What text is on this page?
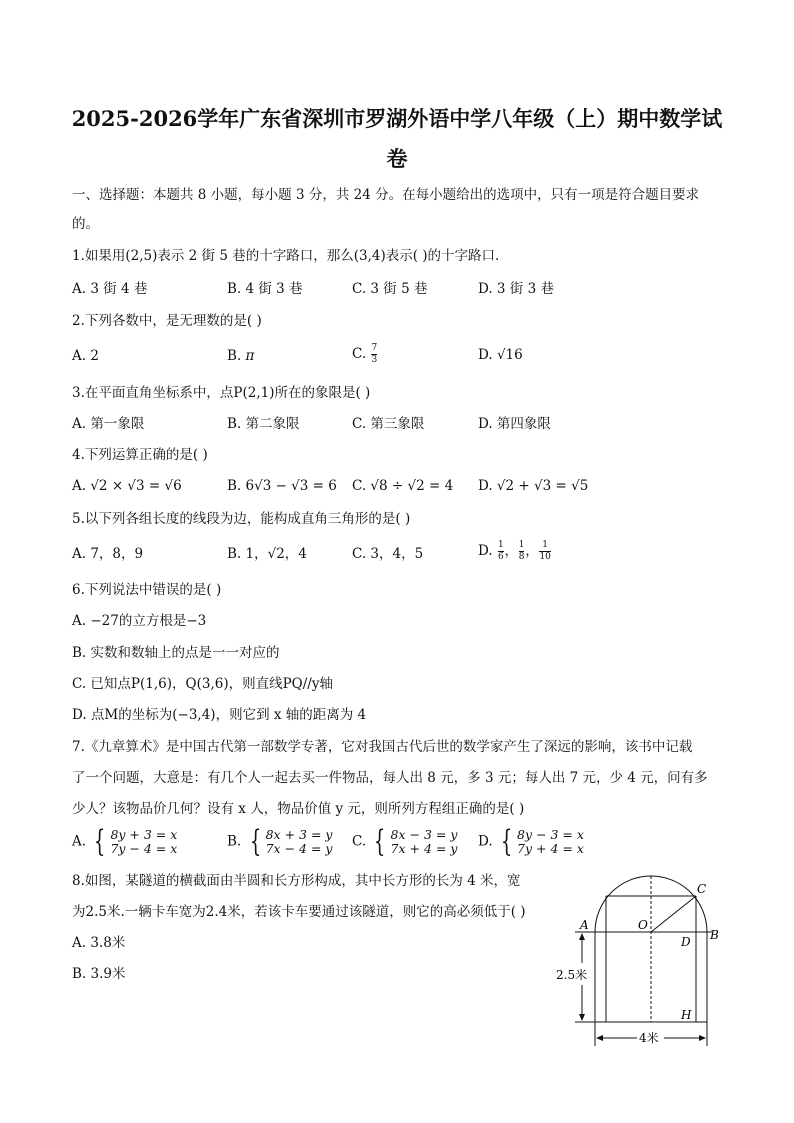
2025-2026学年广东省深圳市罗湖外语中学八年级（上）期中数学试
卷
一、选择题：本题共 8 小题，每小题 3 分，共 24 分。在每小题给出的选项中，只有一项是符合题目要求
的。
1.如果用(2,5)表示 2 街 5 巷的十字路口，那么(3,4)表示( )的十字路口.
A. 3 街 4 巷	B. 4 街 3 巷	C. 3 街 5 巷	D. 3 街 3 巷
2.下列各数中，是无理数的是( )
A. 2	B. π	C. $\frac{7}{3}$	D. √16
3.在平面直角坐标系中，点P(2,1)所在的象限是( )
A. 第一象限	B. 第二象限	C. 第三象限	D. 第四象限
4.下列运算正确的是( )
A. √2 × √3 = √6	B. 6√3 − √3 = 6 C. √8 ÷ √2 = 4 D. √2 + √3 = √5
5.以下列各组长度的线段为边，能构成直角三角形的是( )
A. 7，8，9	B. 1，√2，4	C. 3，4，5	D. $\frac{1}{6}$ ， $\frac{1}{8}$ ， $\frac{1}{10}$
6.下列说法中错误的是( )
A. −27的立方根是−3
B. 实数和数轴上的点是一一对应的
C. 已知点P(1,6)，Q(3,6)，则直线PQ//y轴
D. 点M的坐标为(−3,4)，则它到 x 轴的距离为 4
7.《九章算术》是中国古代第一部数学专著，它对我国古代后世的数学家产生了深远的影响，该书中记载
了一个问题，大意是：有几个人一起去买一件物品，每人出 8 元，多 3 元；每人出 7 元，少 4 元，问有多
少人？该物品价几何？设有 x 人，物品价值 y 元，则所列方程组正确的是( )
A. { 8y + 3 = x
7y − 4 = x	B. { 8x + 3 = y
7x − 4 = y C. { 8x − 3 = y
7x + 4 = y D. { 8y − 3 = x
7y + 4 = x
8.如图，某隧道的横截面由半圆和长方形构成，其中长方形的长为 4 米，宽
为2.5米.一辆卡车宽为2.4米，若该卡车要通过该隧道，则它的高必须低于( )
A. 3.8米
B. 3.9米
A
B
C
D
O
H
2.5米
4米
